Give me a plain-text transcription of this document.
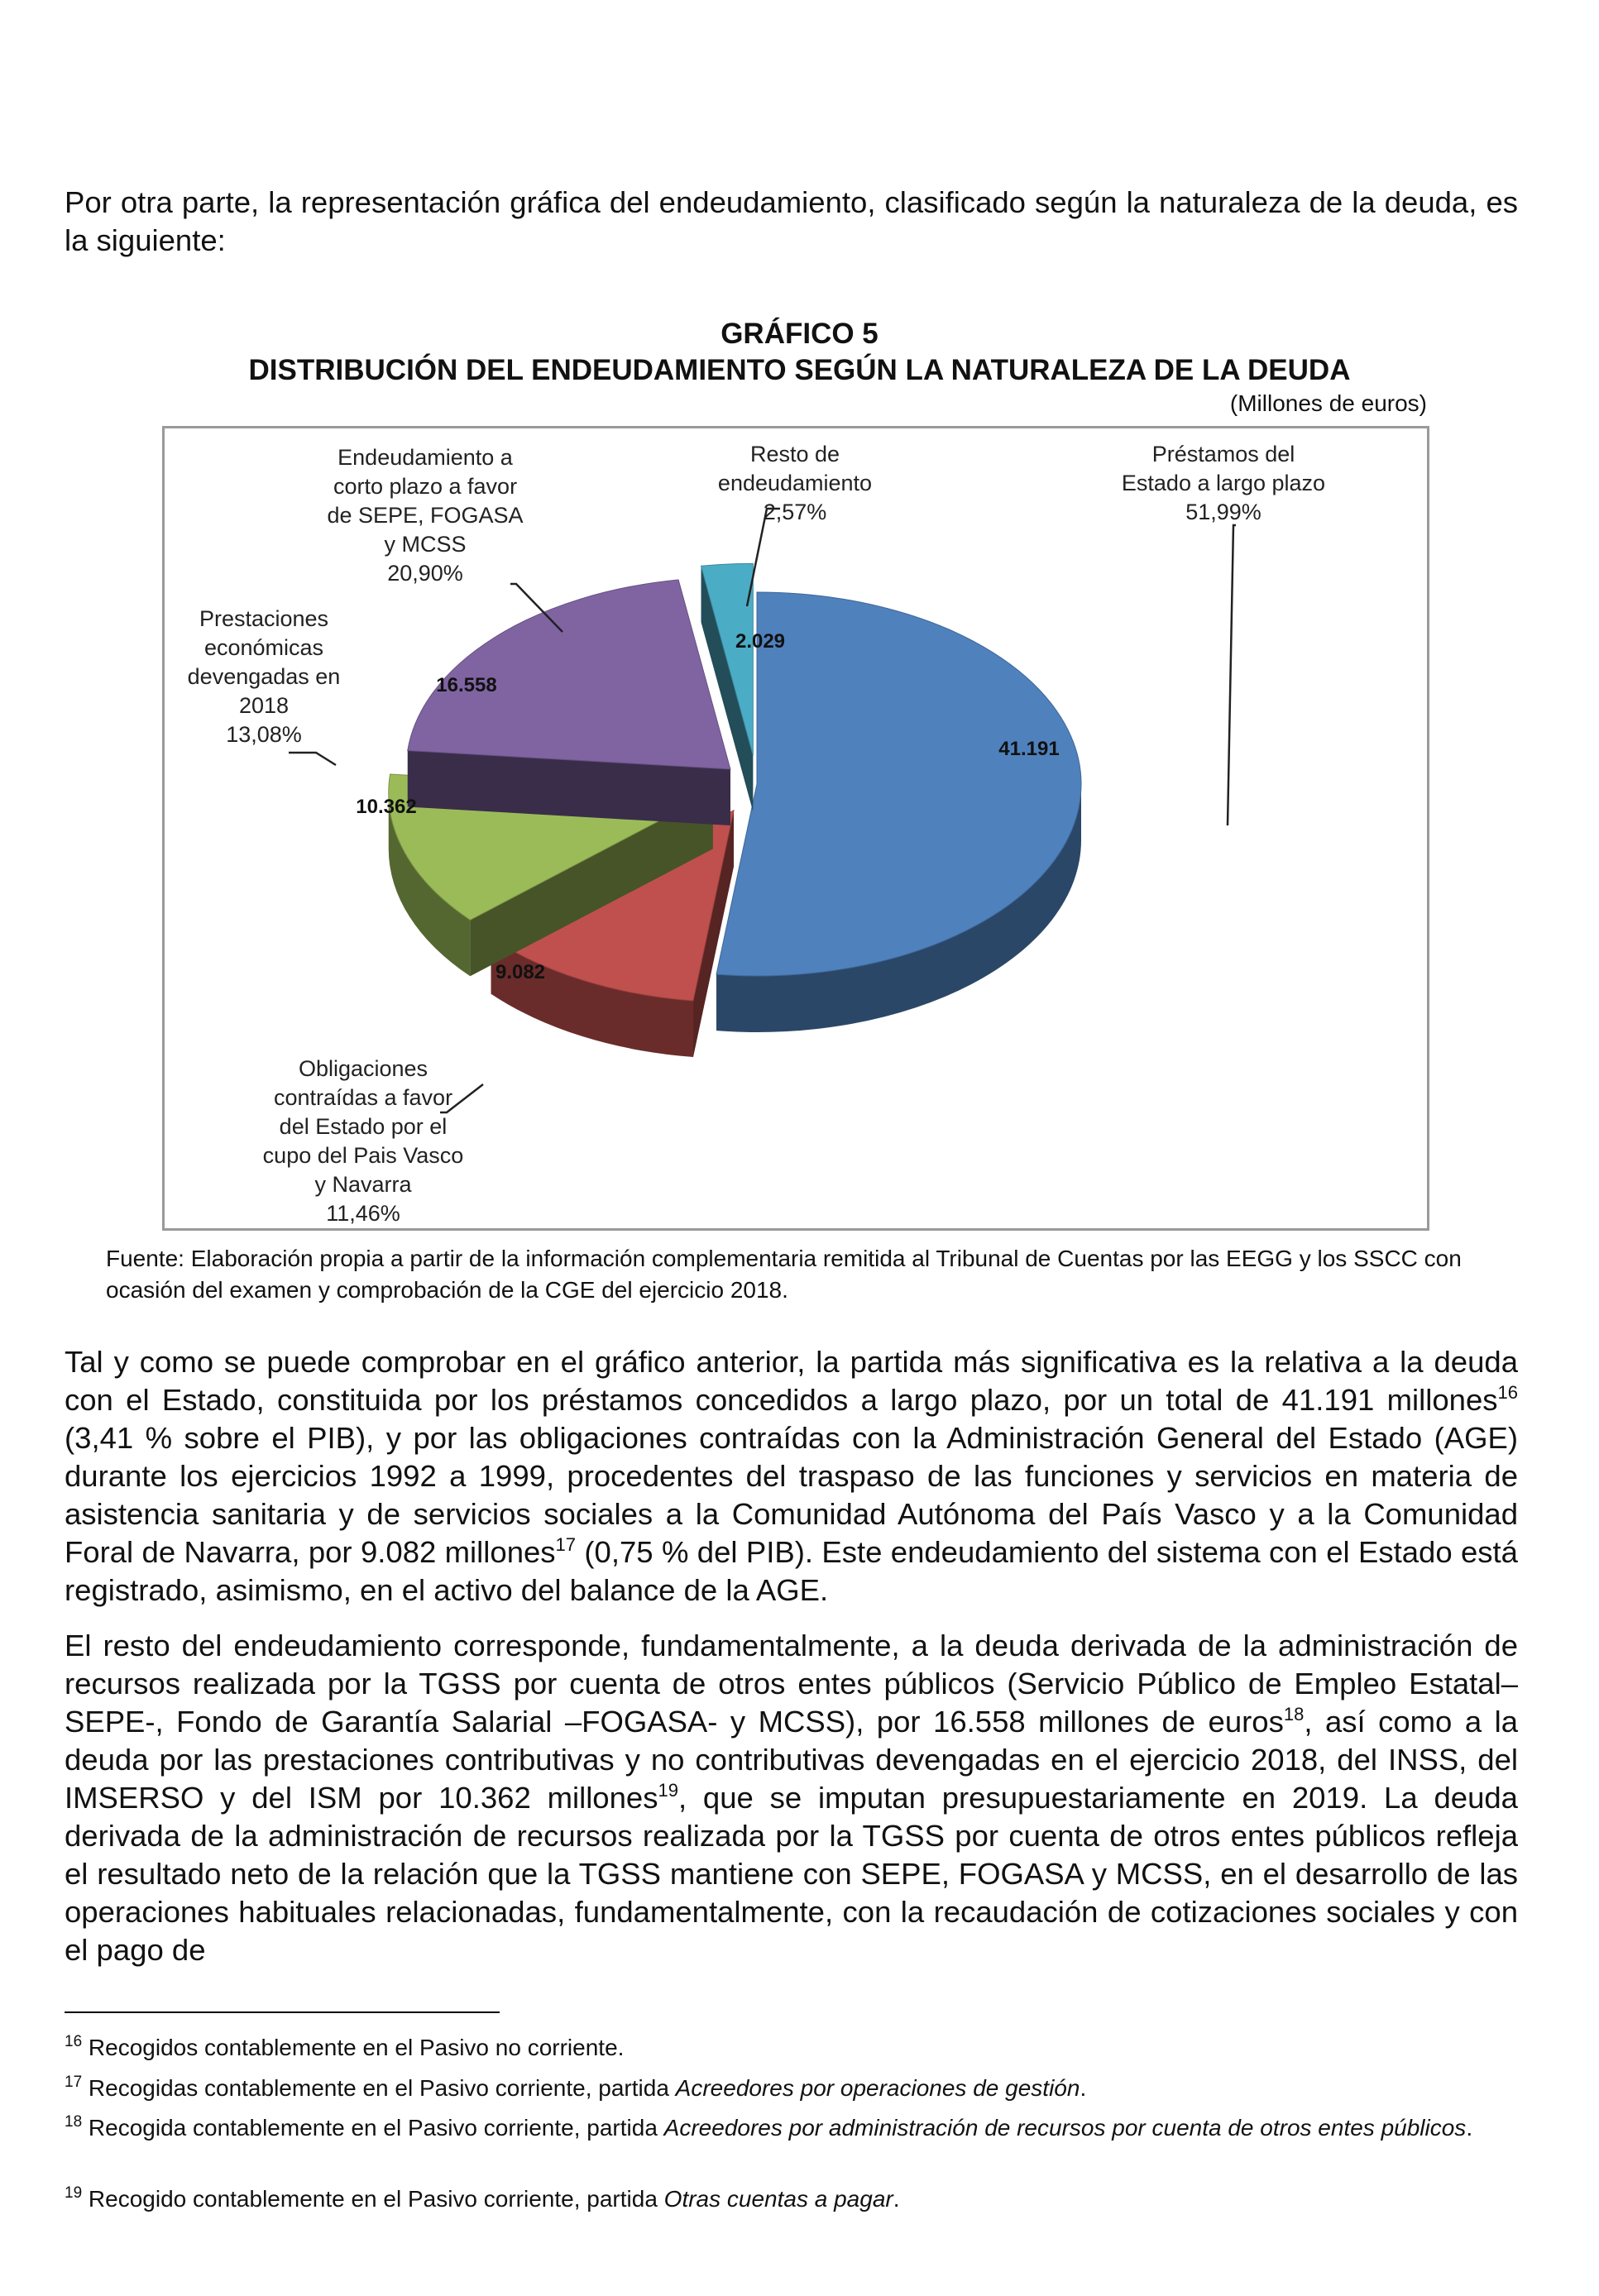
Por otra parte, la representación gráfica del endeudamiento, clasificado según la naturaleza de la deuda, es la siguiente:

GRÁFICO 5

DISTRIBUCIÓN DEL ENDEUDAMIENTO SEGÚN LA NATURALEZA DE LA DEUDA

(Millones de euros)

41.191
9.082
10.362
16.558
2.029
Préstamos del Estado a largo plazo 51,99%
Obligaciones contraídas a favor del Estado por el cupo del Pais Vasco y Navarra 11,46%
Prestaciones económicas devengadas en 2018 13,08%
Endeudamiento a corto plazo a favor de SEPE, FOGASA y MCSS 20,90%
Resto de endeudamiento 2,57%

Fuente: Elaboración propia a partir de la información complementaria remitida al Tribunal de Cuentas por las EEGG y los SSCC con ocasión del examen y comprobación de la CGE del ejercicio 2018.

Tal y como se puede comprobar en el gráfico anterior, la partida más significativa es la relativa a la deuda con el Estado, constituida por los préstamos concedidos a largo plazo, por un total de 41.191 millones$^{16}$ (3,41 % sobre el PIB), y por las obligaciones contraídas con la Administración General del Estado (AGE) durante los ejercicios 1992 a 1999, procedentes del traspaso de las funciones y servicios en materia de asistencia sanitaria y de servicios sociales a la Comunidad Autónoma del País Vasco y a la Comunidad Foral de Navarra, por 9.082 millones$^{17}$ (0,75 % del PIB). Este endeudamiento del sistema con el Estado está registrado, asimismo, en el activo del balance de la AGE.

El resto del endeudamiento corresponde, fundamentalmente, a la deuda derivada de la administración de recursos realizada por la TGSS por cuenta de otros entes públicos (Servicio Público de Empleo Estatal–SEPE-, Fondo de Garantía Salarial –FOGASA- y MCSS), por 16.558 millones de euros$^{18}$, así como a la deuda por las prestaciones contributivas y no contributivas devengadas en el ejercicio 2018, del INSS, del IMSERSO y del ISM por 10.362 millones$^{19}$, que se imputan presupuestariamente en 2019. La deuda derivada de la administración de recursos realizada por la TGSS por cuenta de otros entes públicos refleja el resultado neto de la relación que la TGSS mantiene con SEPE, FOGASA y MCSS, en el desarrollo de las operaciones habituales relacionadas, fundamentalmente, con la recaudación de cotizaciones sociales y con el pago de

$^{16}$ Recogidos contablemente en el Pasivo no corriente.

$^{17}$ Recogidas contablemente en el Pasivo corriente, partida Acreedores por operaciones de gestión.

$^{18}$ Recogida contablemente en el Pasivo corriente, partida Acreedores por administración de recursos por cuenta de otros entes públicos.

$^{19}$ Recogido contablemente en el Pasivo corriente, partida Otras cuentas a pagar.
